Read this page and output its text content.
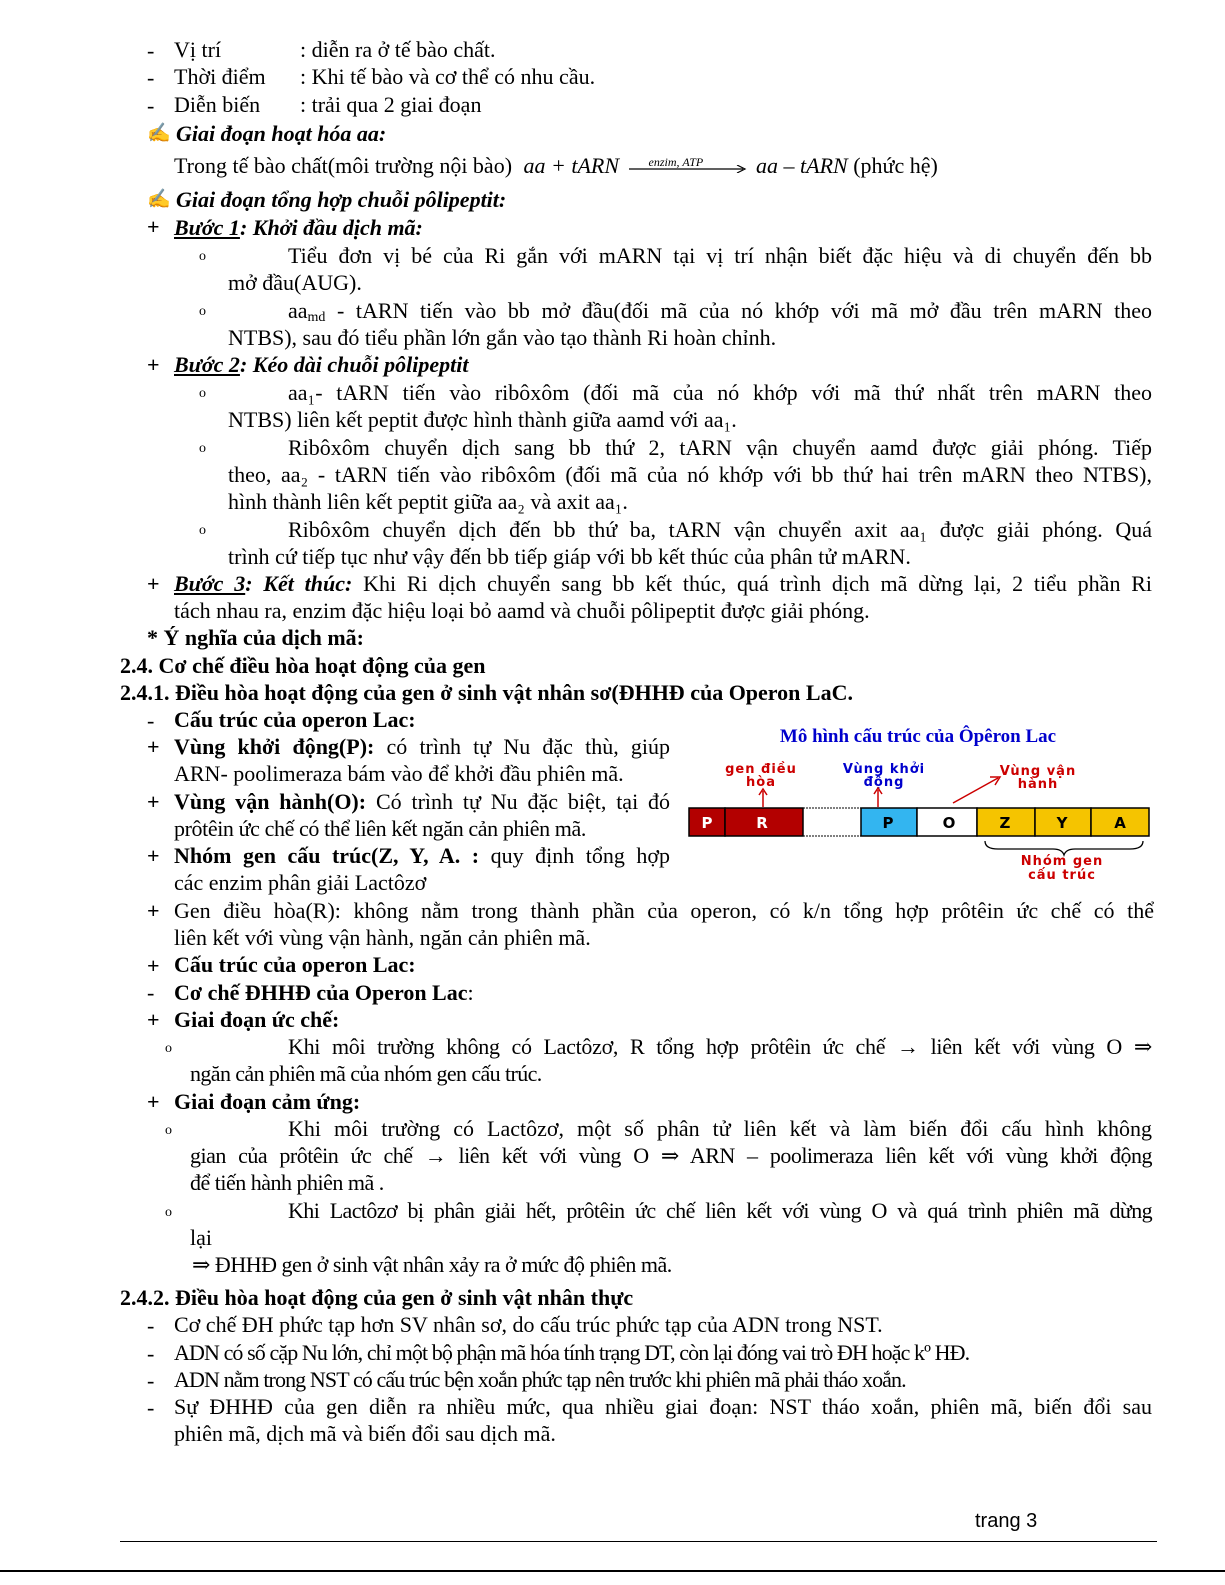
- Vị trí	: diễn ra ở tế bào chất.
- Thời điểm : Khi tế bào và cơ thể có nhu cầu.
- Diễn biến : trải qua 2 giai đoạn
✍ Giai đoạn hoạt hóa aa:
Trong tế bào chất(môi trường nội bào) aa + tARN enzim, ATP aa – tARN (phức hệ)
✍ Giai đoạn tổng hợp chuỗi pôlipeptit:
+ Bước 1: Khởi đầu dịch mã:
o	Tiểu đơn vị bé của Ri gắn với mARN tại vị trí nhận biết đặc hiệu và di chuyển đến bb
mở đầu(AUG).
o	$aa_{md}$ - tARN tiến vào bb mở đầu(đối mã của nó khớp với mã mở đầu trên mARN theo
NTBS), sau đó tiểu phần lớn gắn vào tạo thành Ri hoàn chỉnh.
+ Bước 2: Kéo dài chuỗi pôlipeptit
o	aa₁- tARN tiến vào ribôxôm (đối mã của nó khớp với mã thứ nhất trên mARN theo
NTBS) liên kết peptit được hình thành giữa aamd với aa₁.
o	Ribôxôm chuyển dịch sang bb thứ 2, tARN vận chuyển aamd được giải phóng. Tiếp
theo, aa₂ - tARN tiến vào ribôxôm (đối mã của nó khớp với bb thứ hai trên mARN theo NTBS),
hình thành liên kết peptit giữa aa₂ và axit aa₁.
o	Ribôxôm chuyển dịch đến bb thứ ba, tARN vận chuyển axit aa₁ được giải phóng. Quá
trình cứ tiếp tục như vậy đến bb tiếp giáp với bb kết thúc của phân tử mARN.
+ Bước 3: Kết thúc: Khi Ri dịch chuyển sang bb kết thúc, quá trình dịch mã dừng lại, 2 tiểu phần Ri
tách nhau ra, enzim đặc hiệu loại bỏ aamd và chuỗi pôlipeptit được giải phóng.
* Ý nghĩa của dịch mã:
2.4. Cơ chế điều hòa hoạt động của gen
2.4.1. Điều hòa hoạt động của gen ở sinh vật nhân sơ(ĐHHĐ của Operon LaC.
- Cấu trúc của operon Lac:
+ Vùng khởi động(P): có trình tự Nu đặc thù, giúp
ARN- poolimeraza bám vào để khởi đầu phiên mã.
+ Vùng vận hành(O): Có trình tự Nu đặc biệt, tại đó
prôtêin ức chế có thể liên kết ngăn cản phiên mã.
+ Nhóm gen cấu trúc(Z, Y, A. : quy định tổng hợp
các enzim phân giải Lactôzơ
Mô hình cấu trúc của Ôpêron Lac
gen điều
hòa
Vùng khởi
động
Vùng vận
hành
P	R	P	O	Z	Y	A
Nhóm gen
cấu trúc
+ Gen điều hòa(R): không nằm trong thành phần của operon, có k/n tổng hợp prôtêin ức chế có thể
liên kết với vùng vận hành, ngăn cản phiên mã.
+ Cấu trúc của operon Lac:
- Cơ chế ĐHHĐ của Operon Lac:
+ Giai đoạn ức chế:
o	Khi môi trường không có Lactôzơ, R tổng hợp prôtêin ức chế → liên kết với vùng O ⇒
ngăn cản phiên mã của nhóm gen cấu trúc.
+ Giai đoạn cảm ứng:
o	Khi môi trường có Lactôzơ, một số phân tử liên kết và làm biến đổi cấu hình không
gian của prôtêin ức chế → liên kết với vùng O ⇒ ARN – poolimeraza liên kết với vùng khởi động
để tiến hành phiên mã .
o	Khi Lactôzơ bị phân giải hết, prôtêin ức chế liên kết với vùng O và quá trình phiên mã dừng
lại
⇒ ĐHHĐ gen ở sinh vật nhân xảy ra ở mức độ phiên mã.
2.4.2. Điều hòa hoạt động của gen ở sinh vật nhân thực
- Cơ chế ĐH phức tạp hơn SV nhân sơ, do cấu trúc phức tạp của ADN trong NST.
- ADN có số cặp Nu lớn, chỉ một bộ phận mã hóa tính trạng DT, còn lại đóng vai trò ĐH hoặc kº HĐ.
- ADN nằm trong NST có cấu trúc bện xoắn phức tạp nên trước khi phiên mã phải tháo xoắn.
- Sự ĐHHĐ của gen diễn ra nhiều mức, qua nhiều giai đoạn: NST tháo xoắn, phiên mã, biến đổi sau
phiên mã, dịch mã và biến đổi sau dịch mã.
trang 3
